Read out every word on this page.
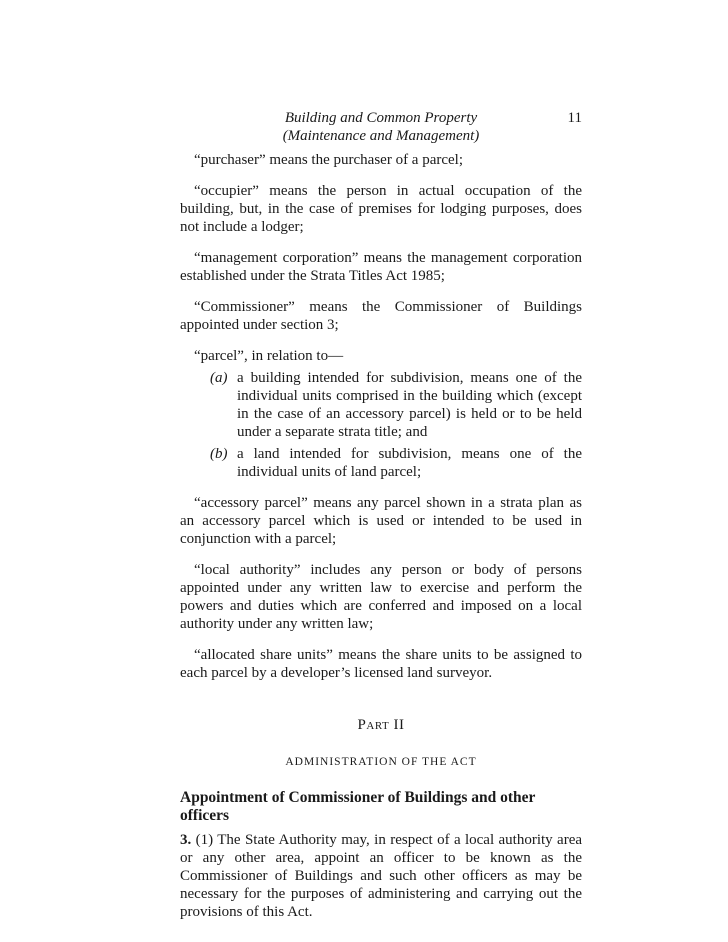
Building and Common Property
(Maintenance and Management)
11

“purchaser” means the purchaser of a parcel;

“occupier” means the person in actual occupation of the building, but, in the case of premises for lodging purposes, does not include a lodger;

“management corporation” means the management corporation established under the Strata Titles Act 1985;

“Commissioner” means the Commissioner of Buildings appointed under section 3;

“parcel”, in relation to—

(a) a building intended for subdivision, means one of the individual units comprised in the building which (except in the case of an accessory parcel) is held or to be held under a separate strata title; and
(b) a land intended for subdivision, means one of the individual units of land parcel;

“accessory parcel” means any parcel shown in a strata plan as an accessory parcel which is used or intended to be used in conjunction with a parcel;

“local authority” includes any person or body of persons appointed under any written law to exercise and perform the powers and duties which are conferred and imposed on a local authority under any written law;

“allocated share units” means the share units to be assigned to each parcel by a developer’s licensed land surveyor.

PART II
ADMINISTRATION OF THE ACT
Appointment of Commissioner of Buildings and other officers
3. (1) The State Authority may, in respect of a local authority area or any other area, appoint an officer to be known as the Commissioner of Buildings and such other officers as may be necessary for the purposes of administering and carrying out the provisions of this Act.
